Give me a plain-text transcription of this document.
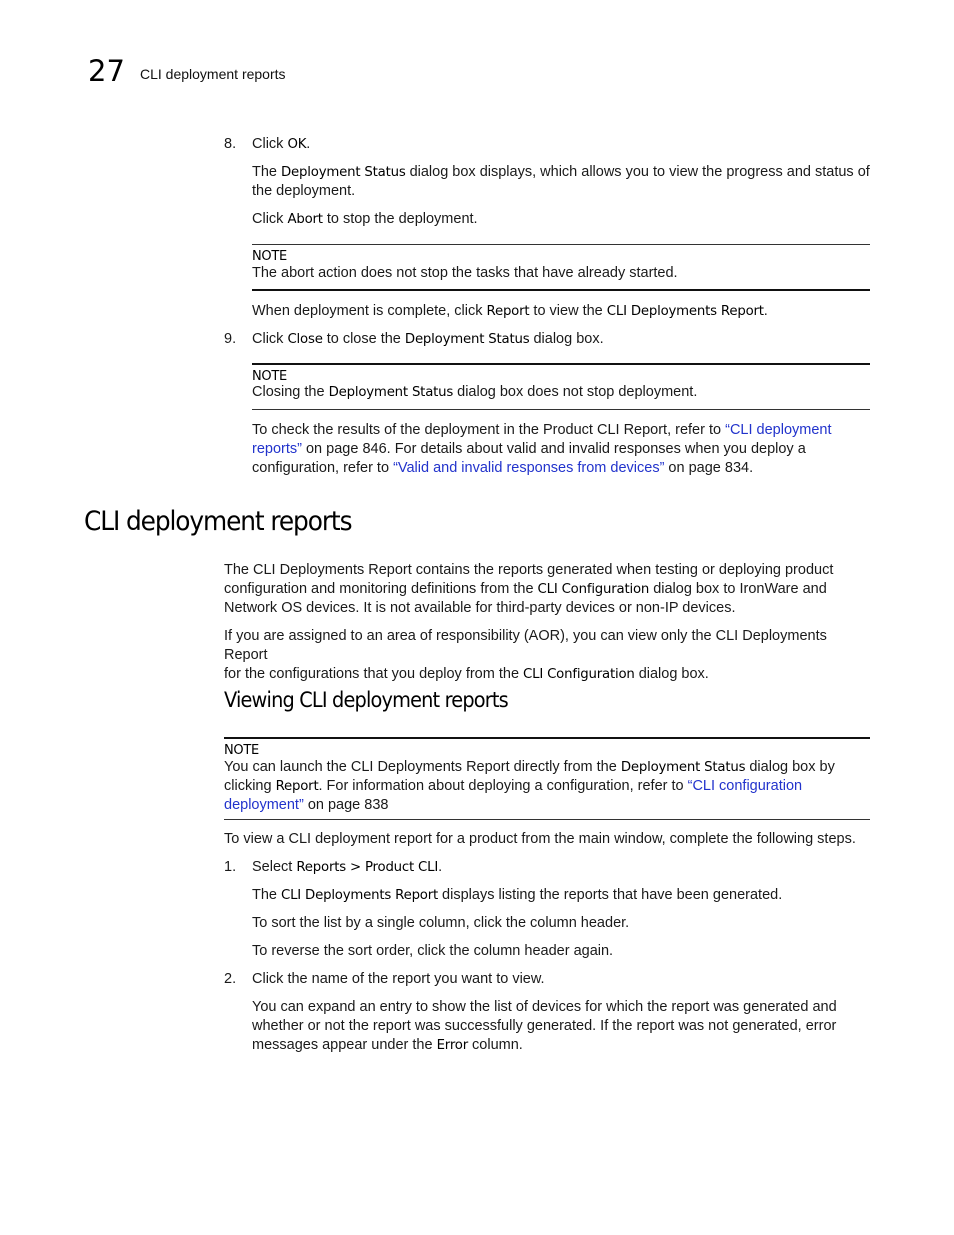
27 CLI deployment reports
8. Click OK.

The Deployment Status dialog box displays, which allows you to view the progress and status of
the deployment.

Click Abort to stop the deployment.

NOTE

The abort action does not stop the tasks that have already started.

When deployment is complete, click Report to view the CLI Deployments Report.

9. Click Close to close the Deployment Status dialog box.

NOTE

Closing the Deployment Status dialog box does not stop deployment.

To check the results of the deployment in the Product CLI Report, refer to “CLI deployment
reports” on page 846. For details about valid and invalid responses when you deploy a
configuration, refer to “Valid and invalid responses from devices” on page 834.

CLI deployment reports

The CLI Deployments Report contains the reports generated when testing or deploying product
configuration and monitoring definitions from the CLI Configuration dialog box to IronWare and
Network OS devices. It is not available for third-party devices or non-IP devices.

If you are assigned to an area of responsibility (AOR), you can view only the CLI Deployments Report
for the configurations that you deploy from the CLI Configuration dialog box.

Viewing CLI deployment reports
NOTE

You can launch the CLI Deployments Report directly from the Deployment Status dialog box by
clicking Report. For information about deploying a configuration, refer to “CLI configuration
deployment” on page 838

To view a CLI deployment report for a product from the main window, complete the following steps.

1. Select Reports > Product CLI.

The CLI Deployments Report displays listing the reports that have been generated.

To sort the list by a single column, click the column header.

To reverse the sort order, click the column header again.

2. Click the name of the report you want to view.

You can expand an entry to show the list of devices for which the report was generated and
whether or not the report was successfully generated. If the report was not generated, error
messages appear under the Error column.
